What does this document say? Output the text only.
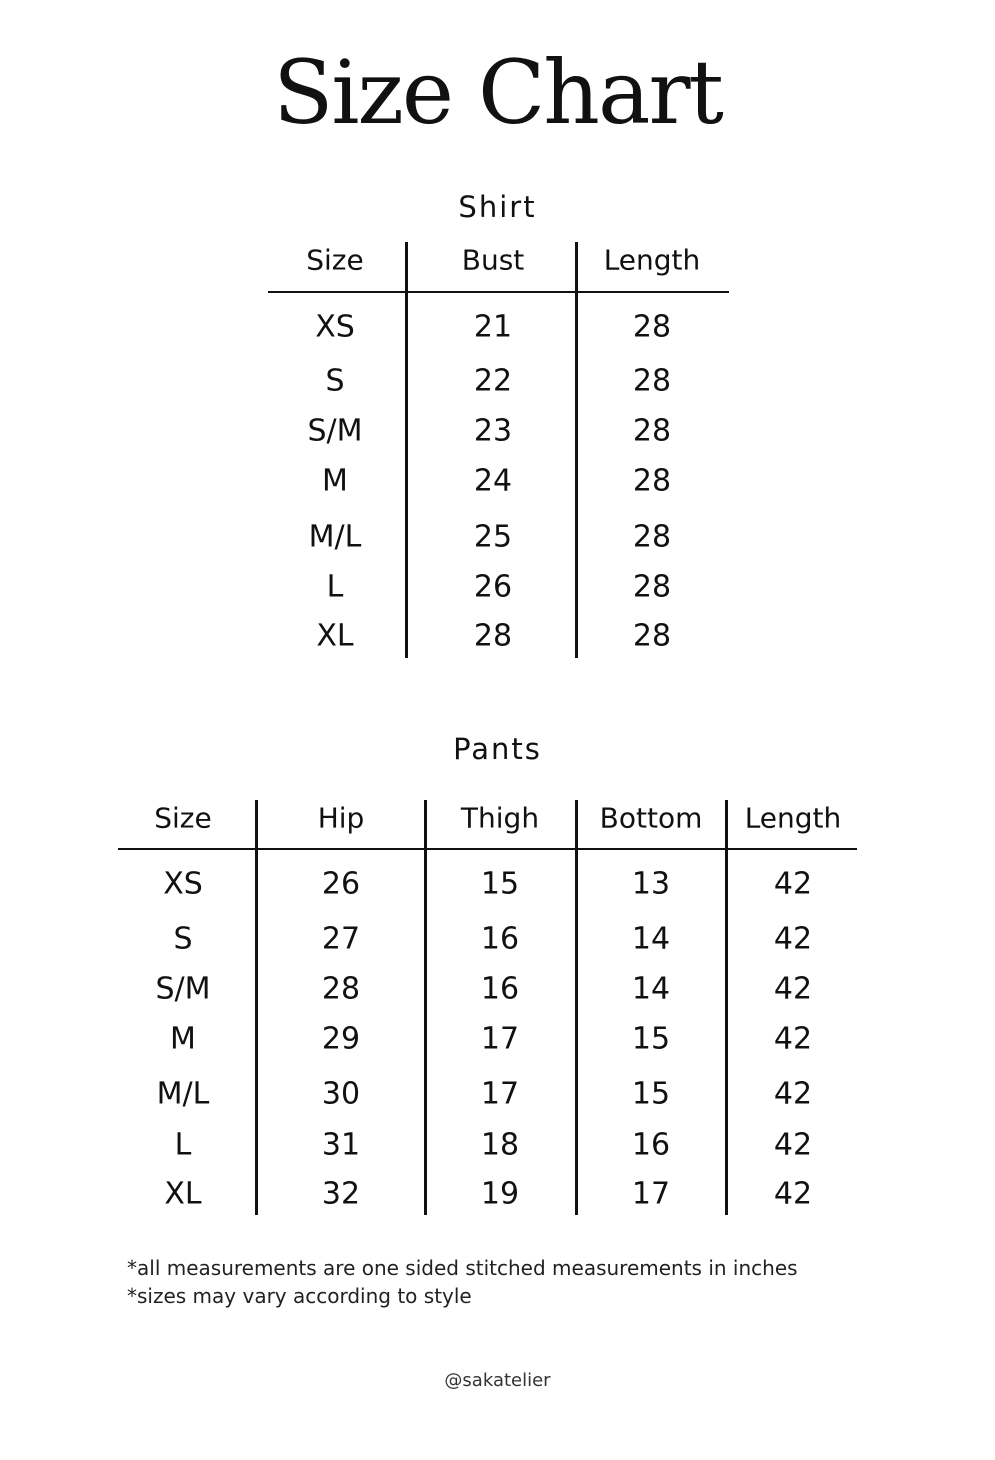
Size Chart
Shirt
Pants
*all measurements are one sided stitched measurements in inches
*sizes may vary according to style
@sakatelier
Size	Bust	Length
XS	21	28
S	22	28
S/M	23	28
M	24	28
M/L	25	28
L	26	28
XL	28	28
Size	Hip	Thigh	Bottom	Length
XS	26	15	13	42
S	27	16	14	42
S/M	28	16	14	42
M	29	17	15	42
M/L	30	17	15	42
L	31	18	16	42
XL	32	19	17	42
